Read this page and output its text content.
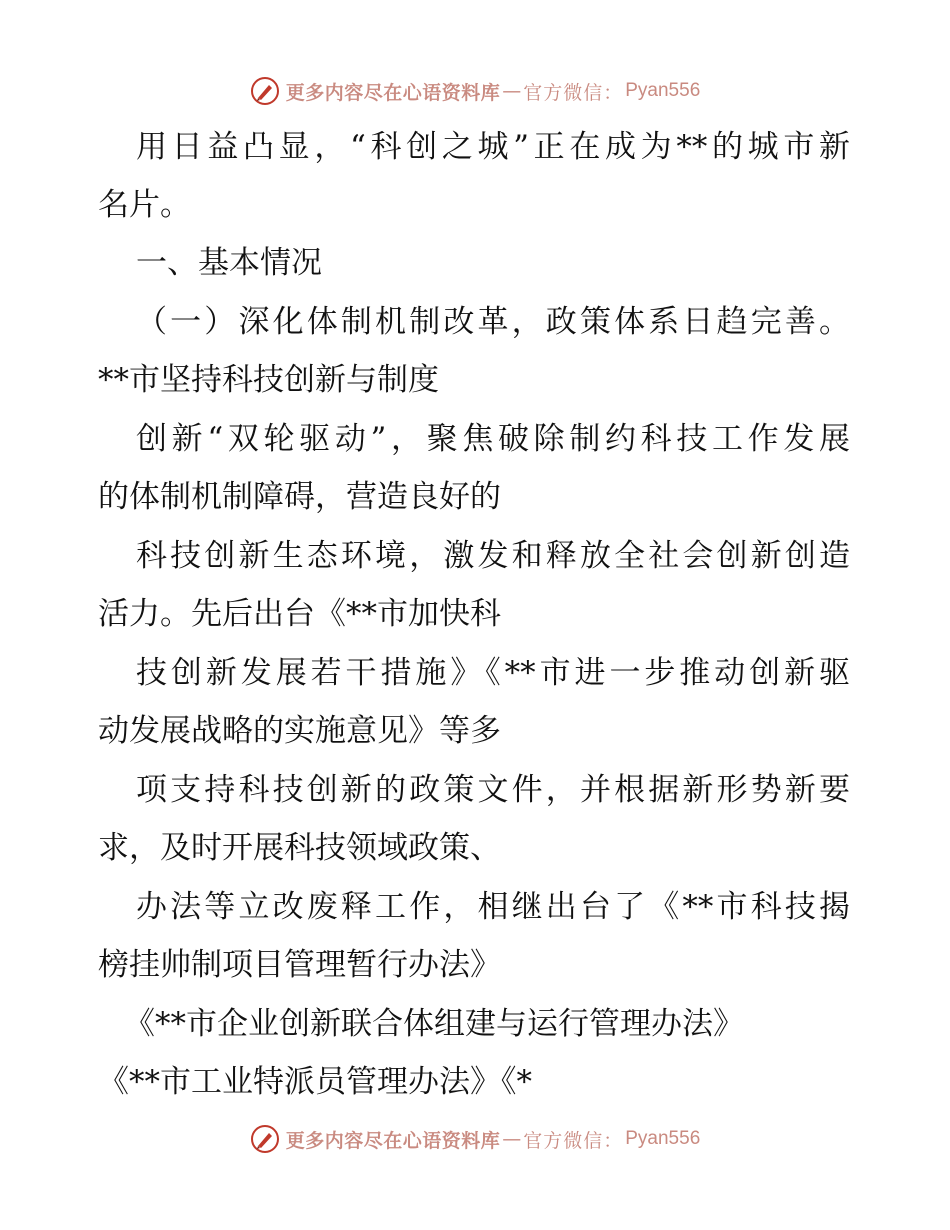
更多内容尽在心语资料库 — 官方微信： Pyan556
用日益凸显，“科创之城”正在成为**的城市新
名片。
一、基本情况
（一）深化体制机制改革，政策体系日趋完善。
**市坚持科技创新与制度
创新“双轮驱动”，聚焦破除制约科技工作发展
的体制机制障碍，营造良好的
科技创新生态环境，激发和释放全社会创新创造
活力。先后出台《**市加快科
技创新发展若干措施》《**市进一步推动创新驱
动发展战略的实施意见》等多
项支持科技创新的政策文件，并根据新形势新要
求，及时开展科技领域政策、
办法等立改废释工作，相继出台了《**市科技揭
榜挂帅制项目管理暂行办法》
《**市企业创新联合体组建与运行管理办法》
《**市工业特派员管理办法》《*
更多内容尽在心语资料库 — 官方微信： Pyan556
